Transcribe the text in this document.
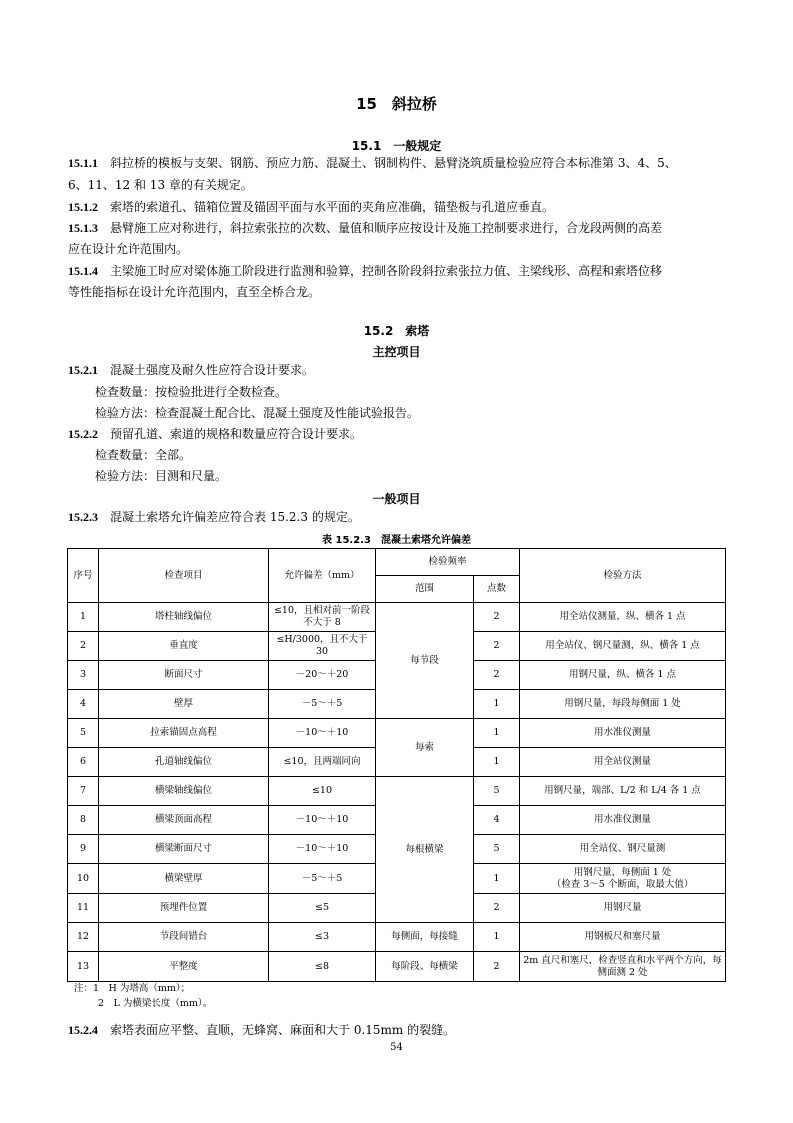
15　斜拉桥
15.1　一般规定
15.1.1　 斜拉桥的模板与支架、钢筋、预应力筋、混凝土、钢制构件、悬臂浇筑质量检验应符合本标准第 3、4、5、
6、11、12 和 13 章的有关规定。
15.1.2　 索塔的索道孔、锚箱位置及锚固平面与水平面的夹角应准确，锚垫板与孔道应垂直。
15.1.3　 悬臂施工应对称进行，斜拉索张拉的次数、量值和顺序应按设计及施工控制要求进行，合龙段两侧的高差
应在设计允许范围内。
15.1.4　 主梁施工时应对梁体施工阶段进行监测和验算，控制各阶段斜拉索张拉力值、主梁线形、高程和索塔位移
等性能指标在设计允许范围内，直至全桥合龙。
15.2　索塔
主控项目
15.2.1　 混凝土强度及耐久性应符合设计要求。
检查数量：按检验批进行全数检查。
检验方法：检查混凝土配合比、混凝土强度及性能试验报告。
15.2.2　 预留孔道、索道的规格和数量应符合设计要求。
检查数量：全部。
检验方法：目测和尺量。
一般项目
15.2.3　 混凝土索塔允许偏差应符合表 15.2.3 的规定。
表 15.2.3　混凝土索塔允许偏差
序号	检查项目	允许偏差（mm）	检验频率		检验方法
			范围	点数	
1	塔柱轴线偏位	≤10，且相对前一阶段不大于 8	每节段	2	用全站仪测量，纵、横各 1 点
2	垂直度	≤H/3000，且不大于 30		2	用全站仪、钢尺量测，纵、横各 1 点
3	断面尺寸	－20～＋20		2	用钢尺量，纵、横各 1 点
4	壁厚	－5～＋5		1	用钢尺量，每段每侧面 1 处
5	拉索锚固点高程	－10～＋10	每索	1	用水准仪测量
6	孔道轴线偏位	≤10，且两端同向		1	用全站仪测量
7	横梁轴线偏位	≤10	每根横梁	5	用钢尺量，端部、L/2 和 L/4 各 1 点
8	横梁顶面高程	－10～＋10		4	用水准仪测量
9	横梁断面尺寸	－10～＋10		5	用全站仪、钢尺量测
10	横梁壁厚	－5～＋5		1	用钢尺量，每侧面 1 处
（检查 3～5 个断面，取最大值）

11	预埋件位置	≤5		2	用钢尺量
12	节段间错台	≤3	每侧面，每接缝	1	用钢板尺和塞尺量
13	平整度	≤8	每阶段、每横梁	2	2m 直尺和塞尺，检查竖直和水平两个方向，每侧面测 2 处
注：1　H 为塔高（mm）；
2　L 为横梁长度（mm）。
15.2.4　 索塔表面应平整、直顺，无蜂窝、麻面和大于 0.15mm 的裂缝。
54
